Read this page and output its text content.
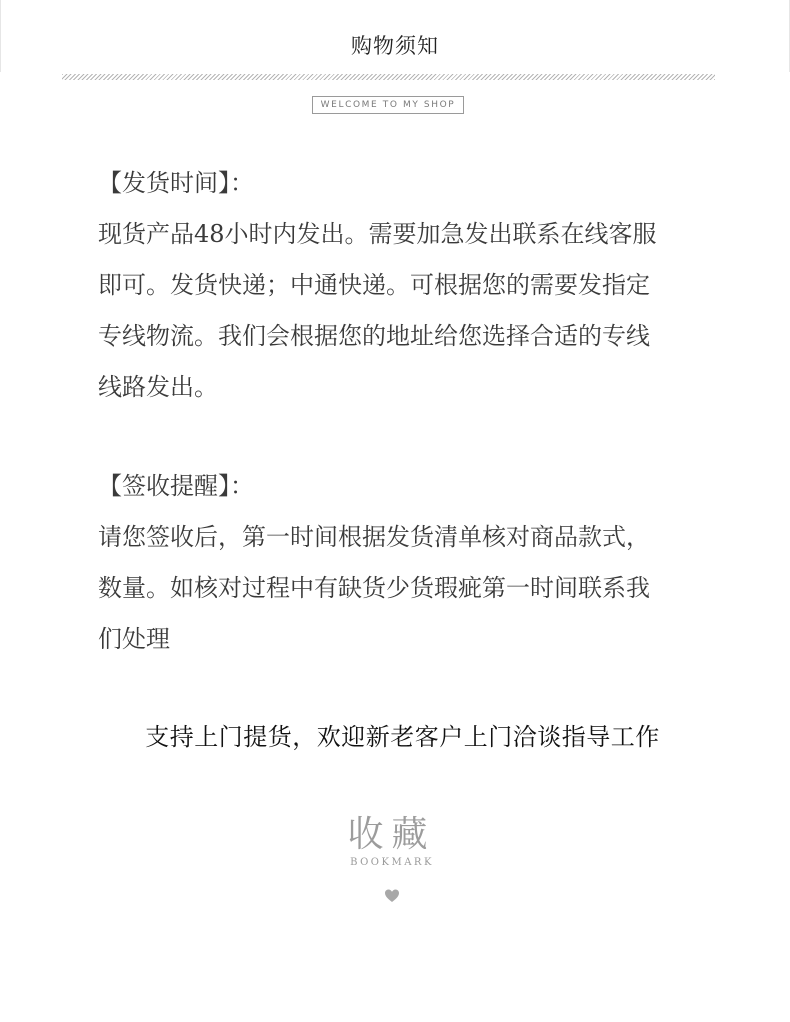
购物须知
WELCOME TO MY SHOP
【发货时间】：

现货产品48小时内发出。需要加急发出联系在线客服
即可。发货快递；中通快递。可根据您的需要发指定
专线物流。我们会根据您的地址给您选择合适的专线
线路发出。

【签收提醒】：

请您签收后，第一时间根据发货清单核对商品款式，
数量。如核对过程中有缺货少货瑕疵第一时间联系我
们处理

支持上门提货，欢迎新老客户上门洽谈指导工作
收藏
BOOKMARK
